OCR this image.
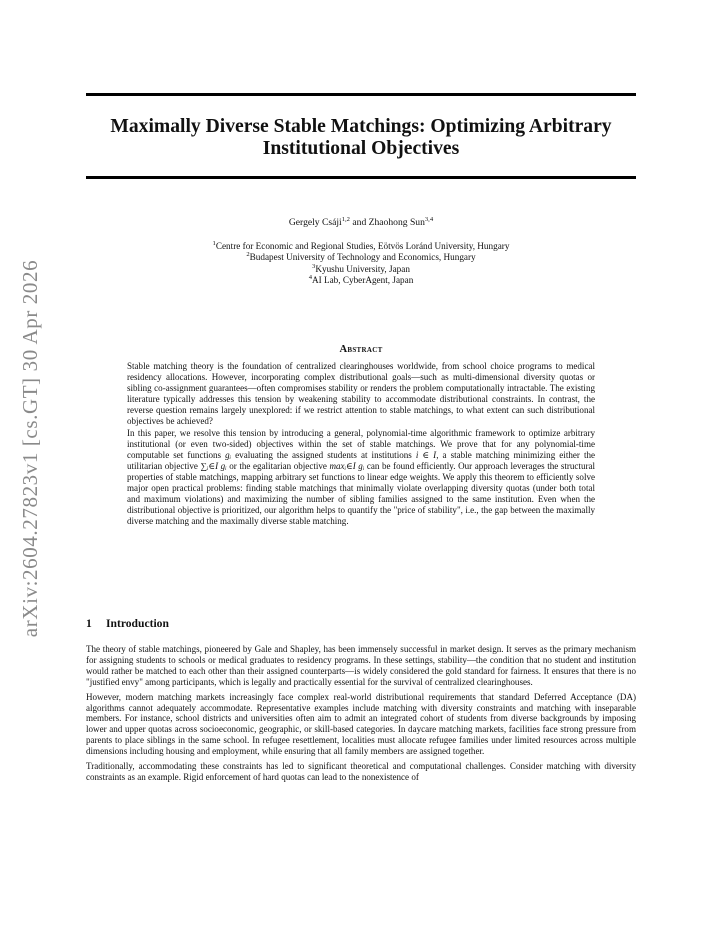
arXiv:2604.27823v1 [cs.GT] 30 Apr 2026
Maximally Diverse Stable Matchings: Optimizing Arbitrary Institutional Objectives
Gergely Csáji$^{1,2}$ and Zhaohong Sun$^{3,4}$
$^1$Centre for Economic and Regional Studies, Eötvös Loránd University, Hungary
$^2$Budapest University of Technology and Economics, Hungary
$^3$Kyushu University, Japan
$^4$AI Lab, CyberAgent, Japan
Abstract

Stable matching theory is the foundation of centralized clearinghouses worldwide, from school choice programs to medical residency allocations. However, incorporating complex distributional goals—such as multi-dimensional diversity quotas or sibling co-assignment guarantees—often compromises stability or renders the problem computationally intractable. The existing literature typically addresses this tension by weakening stability to accommodate distributional constraints. In contrast, the reverse question remains largely unexplored: if we restrict attention to stable matchings, to what extent can such distributional objectives be achieved?

In this paper, we resolve this tension by introducing a general, polynomial-time algorithmic framework to optimize arbitrary institutional (or even two-sided) objectives within the set of stable matchings. We prove that for any polynomial-time computable set functions gᵢ evaluating the assigned students at institutions i ∈ I, a stable matching minimizing either the utilitarian objective ∑ᵢ∈I gᵢ or the egalitarian objective maxᵢ∈I gᵢ can be found efficiently. Our approach leverages the structural properties of stable matchings, mapping arbitrary set functions to linear edge weights. We apply this theorem to efficiently solve major open practical problems: finding stable matchings that minimally violate overlapping diversity quotas (under both total and maximum violations) and maximizing the number of sibling families assigned to the same institution. Even when the distributional objective is prioritized, our algorithm helps to quantify the "price of stability", i.e., the gap between the maximally diverse matching and the maximally diverse stable matching.

1 Introduction

The theory of stable matchings, pioneered by Gale and Shapley, has been immensely successful in market design. It serves as the primary mechanism for assigning students to schools or medical graduates to residency programs. In these settings, stability—the condition that no student and institution would rather be matched to each other than their assigned counterparts—is widely considered the gold standard for fairness. It ensures that there is no "justified envy" among participants, which is legally and practically essential for the survival of centralized clearinghouses.

However, modern matching markets increasingly face complex real-world distributional requirements that standard Deferred Acceptance (DA) algorithms cannot adequately accommodate. Representative examples include matching with diversity constraints and matching with inseparable members. For instance, school districts and universities often aim to admit an integrated cohort of students from diverse backgrounds by imposing lower and upper quotas across socioeconomic, geographic, or skill-based categories. In daycare matching markets, facilities face strong pressure from parents to place siblings in the same school. In refugee resettlement, localities must allocate refugee families under limited resources across multiple dimensions including housing and employment, while ensuring that all family members are assigned together.

Traditionally, accommodating these constraints has led to significant theoretical and computational challenges. Consider matching with diversity constraints as an example. Rigid enforcement of hard quotas can lead to the nonexistence of
